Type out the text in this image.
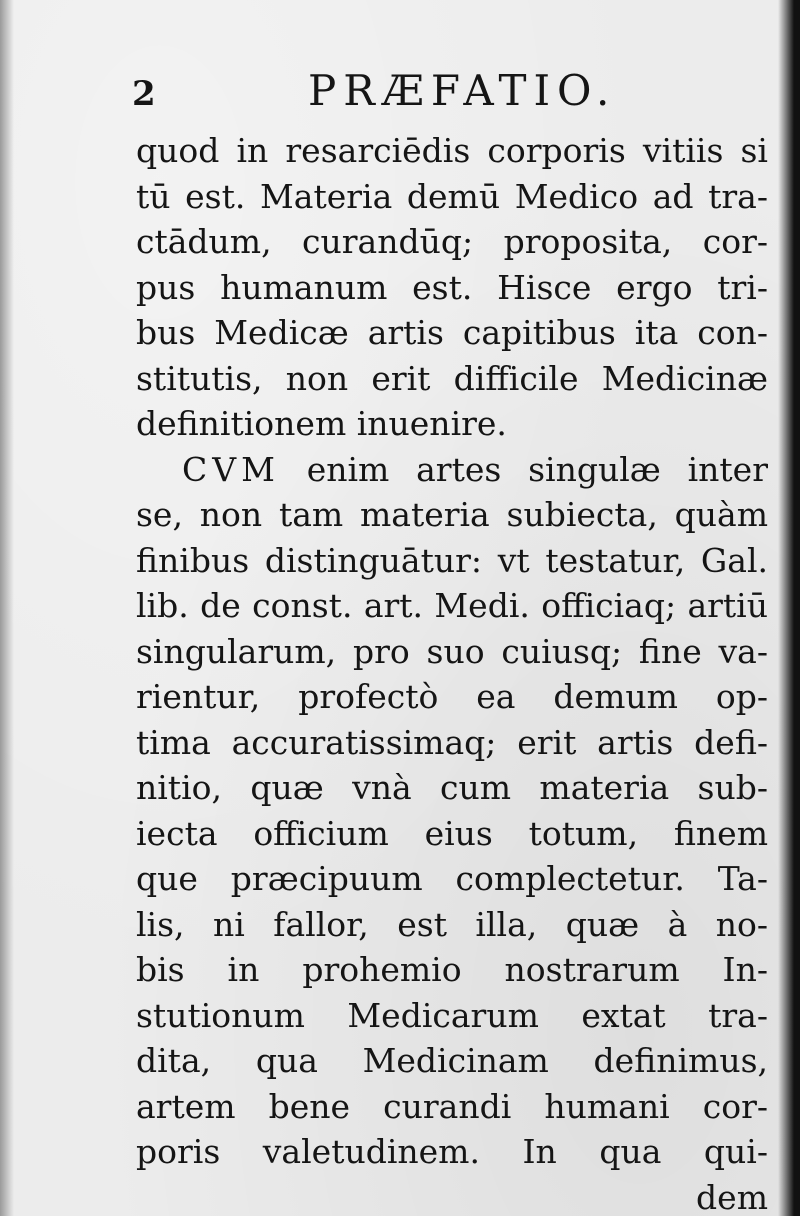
2	PRÆFATIO.
quod in resarciēdis corporis vitiis si
tū est. Materia demū Medico ad tra-
ctādum, curandūq; proposita, cor-
pus humanum est. Hisce ergo tri-
bus Medicæ artis capitibus ita con-
stitutis, non erit difficile Medicinæ
definitionem inuenire.
CVM enim artes singulæ inter
se, non tam materia subiecta, quàm
finibus distinguātur: vt testatur, Gal.
lib. de const. art. Medi. officiaq; artiū
singularum, pro suo cuiusq; fine va-
rientur, profectò ea demum op-
tima accuratissimaq; erit artis defi-
nitio, quæ vnà cum materia sub-
iecta officium eius totum, finem
que præcipuum complectetur. Ta-
lis, ni fallor, est illa, quæ à no-
bis in prohemio nostrarum In-
stutionum Medicarum extat tra-
dita, qua Medicinam definimus,
artem bene curandi humani cor-
poris valetudinem. In qua qui-
dem
